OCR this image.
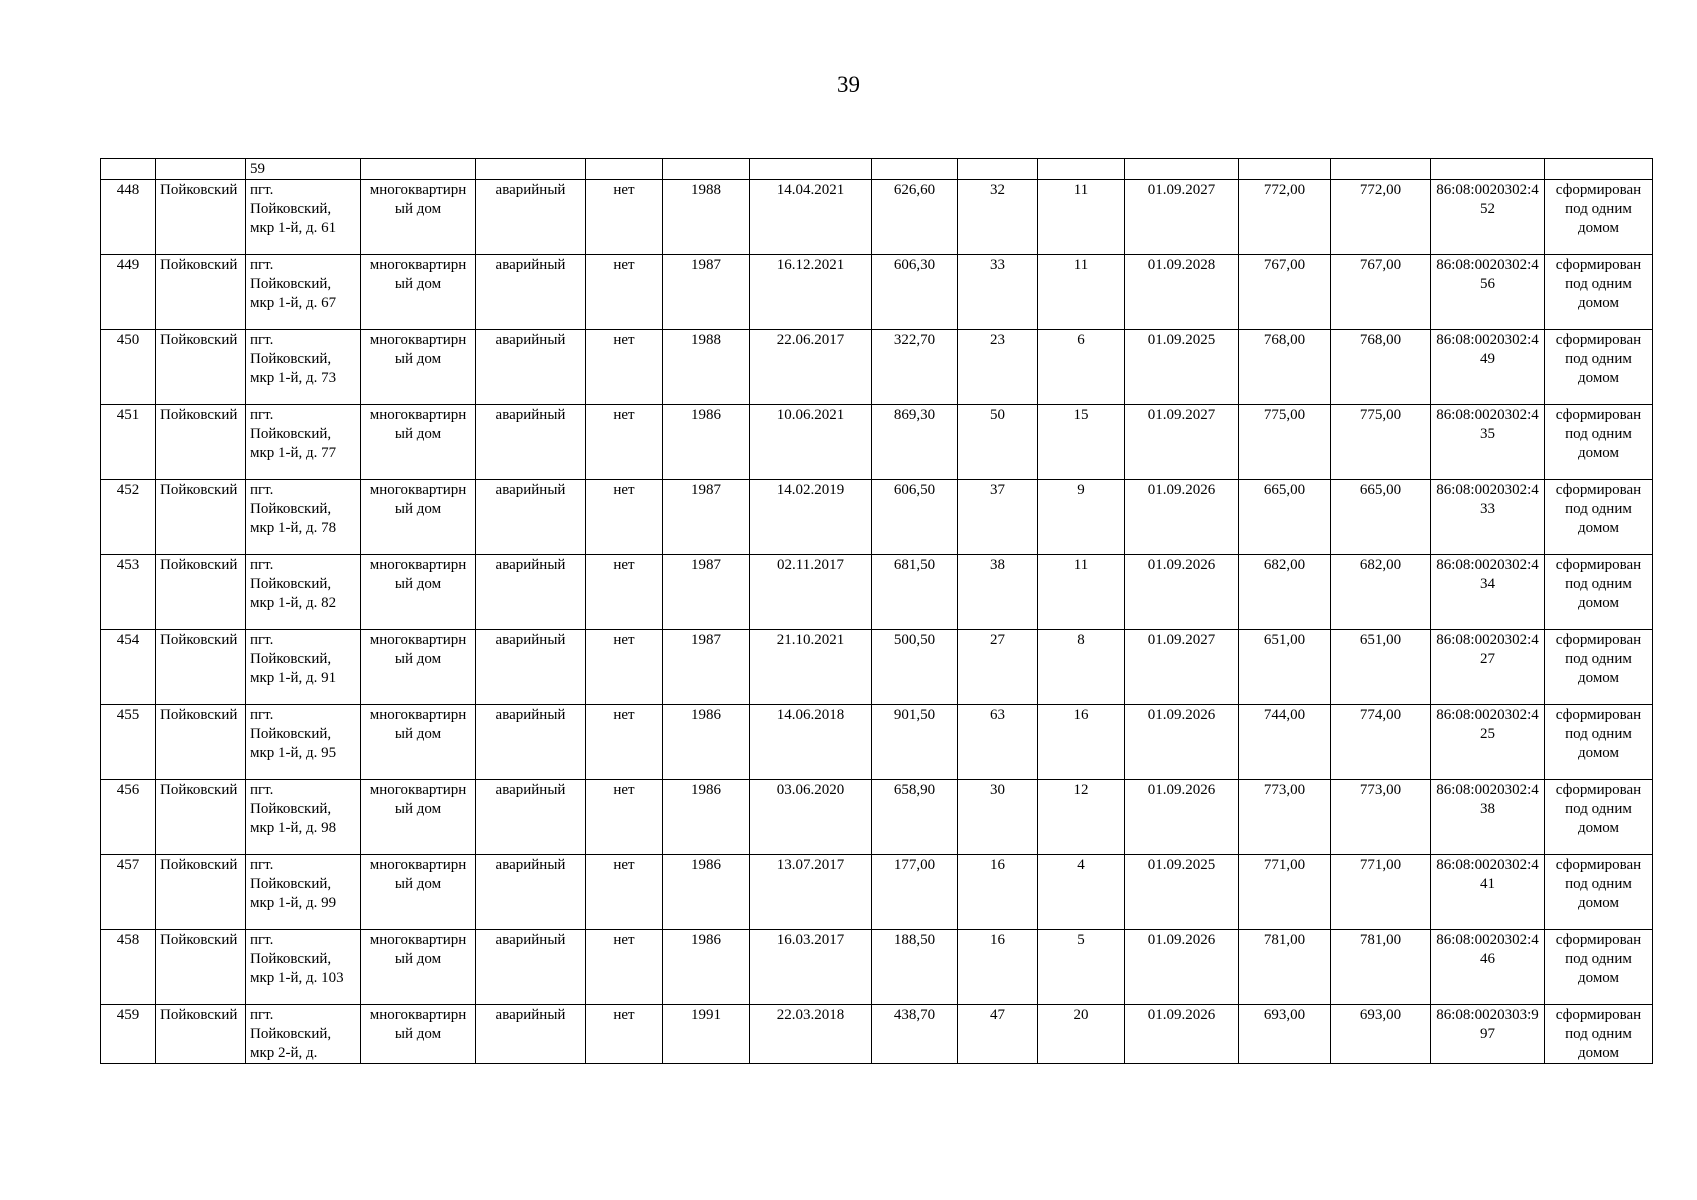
39
		59													
448	Пойковский	пгт. Пойковский, мкр 1-й, д. 61	многоквартирный дом	аварийный	нет	1988	14.04.2021	626,60	32	11	01.09.2027	772,00	772,00	86:08:0020302:452	сформирован под одним домом
449	Пойковский	пгт. Пойковский, мкр 1-й, д. 67	многоквартирный дом	аварийный	нет	1987	16.12.2021	606,30	33	11	01.09.2028	767,00	767,00	86:08:0020302:456	сформирован под одним домом
450	Пойковский	пгт. Пойковский, мкр 1-й, д. 73	многоквартирный дом	аварийный	нет	1988	22.06.2017	322,70	23	6	01.09.2025	768,00	768,00	86:08:0020302:449	сформирован под одним домом
451	Пойковский	пгт. Пойковский, мкр 1-й, д. 77	многоквартирный дом	аварийный	нет	1986	10.06.2021	869,30	50	15	01.09.2027	775,00	775,00	86:08:0020302:435	сформирован под одним домом
452	Пойковский	пгт. Пойковский, мкр 1-й, д. 78	многоквартирный дом	аварийный	нет	1987	14.02.2019	606,50	37	9	01.09.2026	665,00	665,00	86:08:0020302:433	сформирован под одним домом
453	Пойковский	пгт. Пойковский, мкр 1-й, д. 82	многоквартирный дом	аварийный	нет	1987	02.11.2017	681,50	38	11	01.09.2026	682,00	682,00	86:08:0020302:434	сформирован под одним домом
454	Пойковский	пгт. Пойковский, мкр 1-й, д. 91	многоквартирный дом	аварийный	нет	1987	21.10.2021	500,50	27	8	01.09.2027	651,00	651,00	86:08:0020302:427	сформирован под одним домом
455	Пойковский	пгт. Пойковский, мкр 1-й, д. 95	многоквартирный дом	аварийный	нет	1986	14.06.2018	901,50	63	16	01.09.2026	744,00	774,00	86:08:0020302:425	сформирован под одним домом
456	Пойковский	пгт. Пойковский, мкр 1-й, д. 98	многоквартирный дом	аварийный	нет	1986	03.06.2020	658,90	30	12	01.09.2026	773,00	773,00	86:08:0020302:438	сформирован под одним домом
457	Пойковский	пгт. Пойковский, мкр 1-й, д. 99	многоквартирный дом	аварийный	нет	1986	13.07.2017	177,00	16	4	01.09.2025	771,00	771,00	86:08:0020302:441	сформирован под одним домом
458	Пойковский	пгт. Пойковский, мкр 1-й, д. 103	многоквартирный дом	аварийный	нет	1986	16.03.2017	188,50	16	5	01.09.2026	781,00	781,00	86:08:0020302:446	сформирован под одним домом
459	Пойковский	пгт. Пойковский, мкр 2-й, д.	многоквартирный дом	аварийный	нет	1991	22.03.2018	438,70	47	20	01.09.2026	693,00	693,00	86:08:0020303:997	сформирован под одним домом
